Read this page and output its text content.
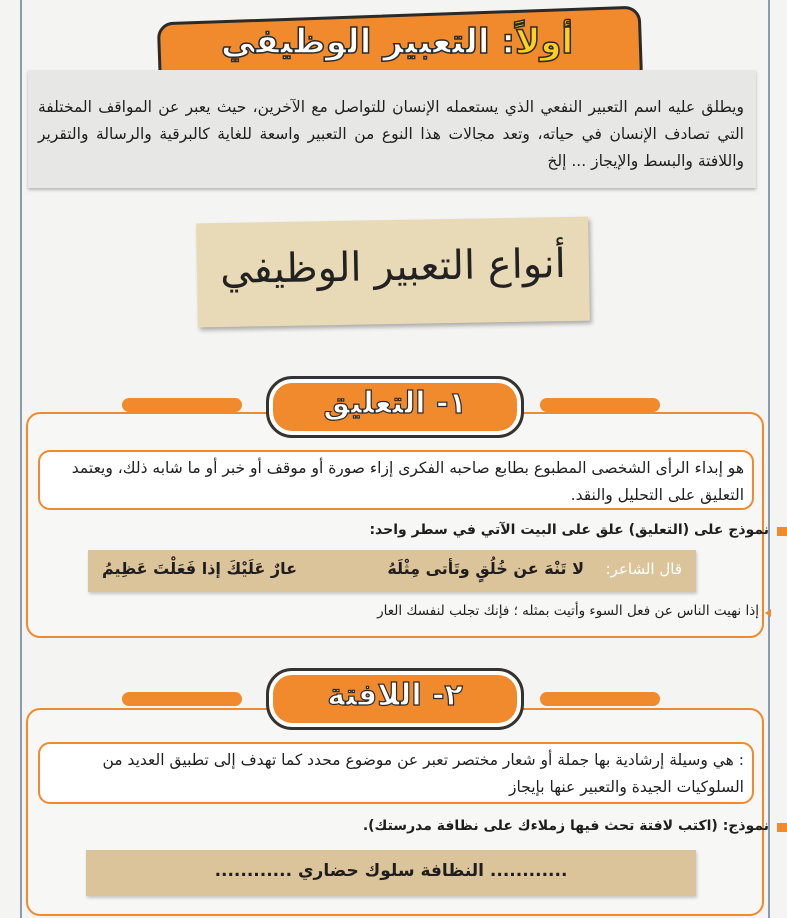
أولاً: التعبير الوظيفي
ويطلق عليه اسم التعبير النفعي الذي يستعمله الإنسان للتواصل مع الآخرين، حيث يعبر عن المواقف المختلفة التي تصادف الإنسان في حياته، وتعد مجالات هذا النوع من التعبير واسعة للغاية كالبرقية والرسالة والتقرير واللافتة والبسط والإيجاز ... إلخ
أنواع التعبير الوظيفي
١- التعليق
هو إبداء الرأى الشخصى المطبوع بطابع صاحبه الفكرى إزاء صورة أو موقف أو خبر أو ما شابه ذلك، ويعتمد التعليق على التحليل والنقد.
نموذج على (التعليق) علق على البيت الآتي في سطر واحد:
قال الشاعر:
لا تَنْهَ عن خُلُقٍ وتَأتى مِثْلَهُ
عارٌ عَلَيْكَ إذا فَعَلْتَ عَظِيمُ
إذا نهيت الناس عن فعل السوء وأتيت بمثله ؛ فإنك تجلب لنفسك العار
٢- اللافتة
: هي وسيلة إرشادية بها جملة أو شعار مختصر تعبر عن موضوع محدد كما تهدف إلى تطبيق العديد من السلوكيات الجيدة والتعبير عنها بإيجاز
نموذج: (اكتب لافتة تحث فيها زملاءك على نظافة مدرستك).
............ النظافة سلوك حضاري ............
